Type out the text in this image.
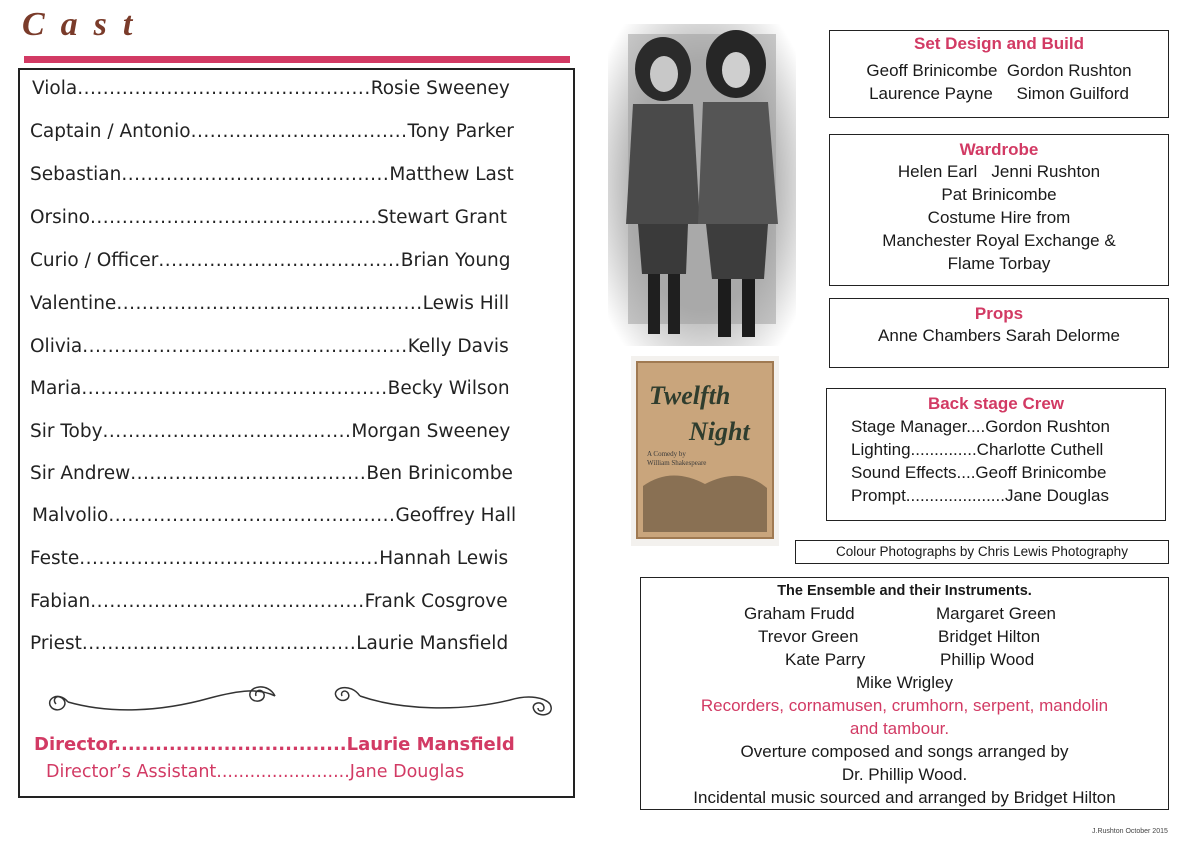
Cast
Viola..............................................Rosie Sweeney
Captain / Antonio..................................Tony Parker
Sebastian..........................................Matthew Last
Orsino.............................................Stewart Grant
Curio / Officer......................................Brian Young
Valentine................................................Lewis Hill
Olivia...................................................Kelly Davis
Maria................................................Becky Wilson
Sir Toby.......................................Morgan Sweeney
Sir Andrew.....................................Ben Brinicombe
Malvolio.............................................Geoffrey Hall
Feste...............................................Hannah Lewis
Fabian...........................................Frank Cosgrove
Priest...........................................Laurie Mansfield
Director..................................Laurie Mansfield
Director’s Assistant........................Jane Douglas
Twelfth
Night
A Comedy by
William Shakespeare
Set Design and Build
Geoff Brinicombe  Gordon Rushton
Laurence Payne     Simon Guilford
Wardrobe
Helen Earl   Jenni Rushton
Pat Brinicombe
Costume Hire from
Manchester Royal Exchange &
Flame Torbay
Props
Anne Chambers Sarah Delorme
Back stage Crew
Stage Manager....Gordon Rushton
Lighting..............Charlotte Cuthell
Sound Effects....Geoff Brinicombe
Prompt.....................Jane Douglas
Colour Photographs by Chris Lewis Photography
The Ensemble and their Instruments.
Graham Frudd	Margaret Green
Trevor Green	Bridget Hilton
Kate Parry	Phillip Wood
Mike Wrigley
Recorders, cornamusen, crumhorn, serpent, mandolin
and tambour.
Overture composed and songs arranged by
Dr. Phillip Wood.
Incidental music sourced and arranged by Bridget Hilton
J.Rushton October 2015
